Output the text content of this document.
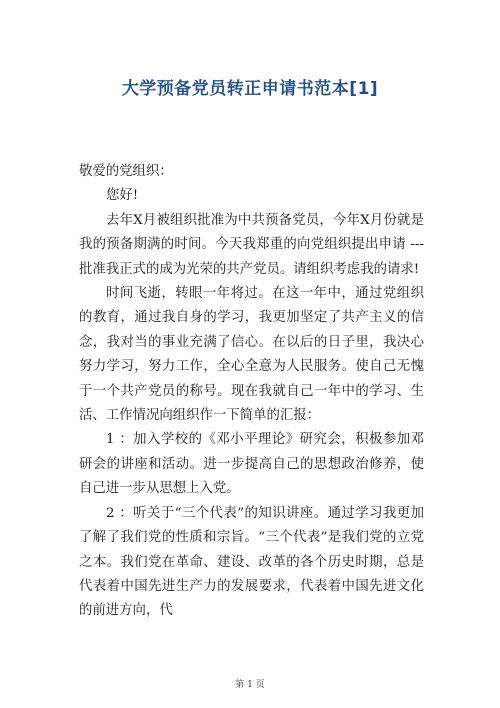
大学预备党员转正申请书范本[1]

敬爱的党组织：

您好!

去年X月被组织批准为中共预备党员，今年X月份就是我的预备期满的时间。今天我郑重的向党组织提出申请 --- 批准我正式的成为光荣的共产党员。请组织考虑我的请求!

时间飞逝，转眼一年将过。在这一年中，通过党组织的教育，通过我自身的学习，我更加坚定了共产主义的信念，我对当的事业充满了信心。在以后的日子里，我决心努力学习，努力工作，全心全意为人民服务。使自己无愧于一个共产党员的称号。现在我就自己一年中的学习、生活、工作情况向组织作一下简单的汇报：

1 ：加入学校的《邓小平理论》研究会，积极参加邓研会的讲座和活动。进一步提高自己的思想政治修养，使自己进一步从思想上入党。

2 ：听关于“三个代表”的知识讲座。通过学习我更加了解了我们党的性质和宗旨。“三个代表”是我们党的立党之本。我们党在革命、建设、改革的各个历史时期，总是代表着中国先进生产力的发展要求，代表着中国先进文化的前进方向，代

第 1 页
